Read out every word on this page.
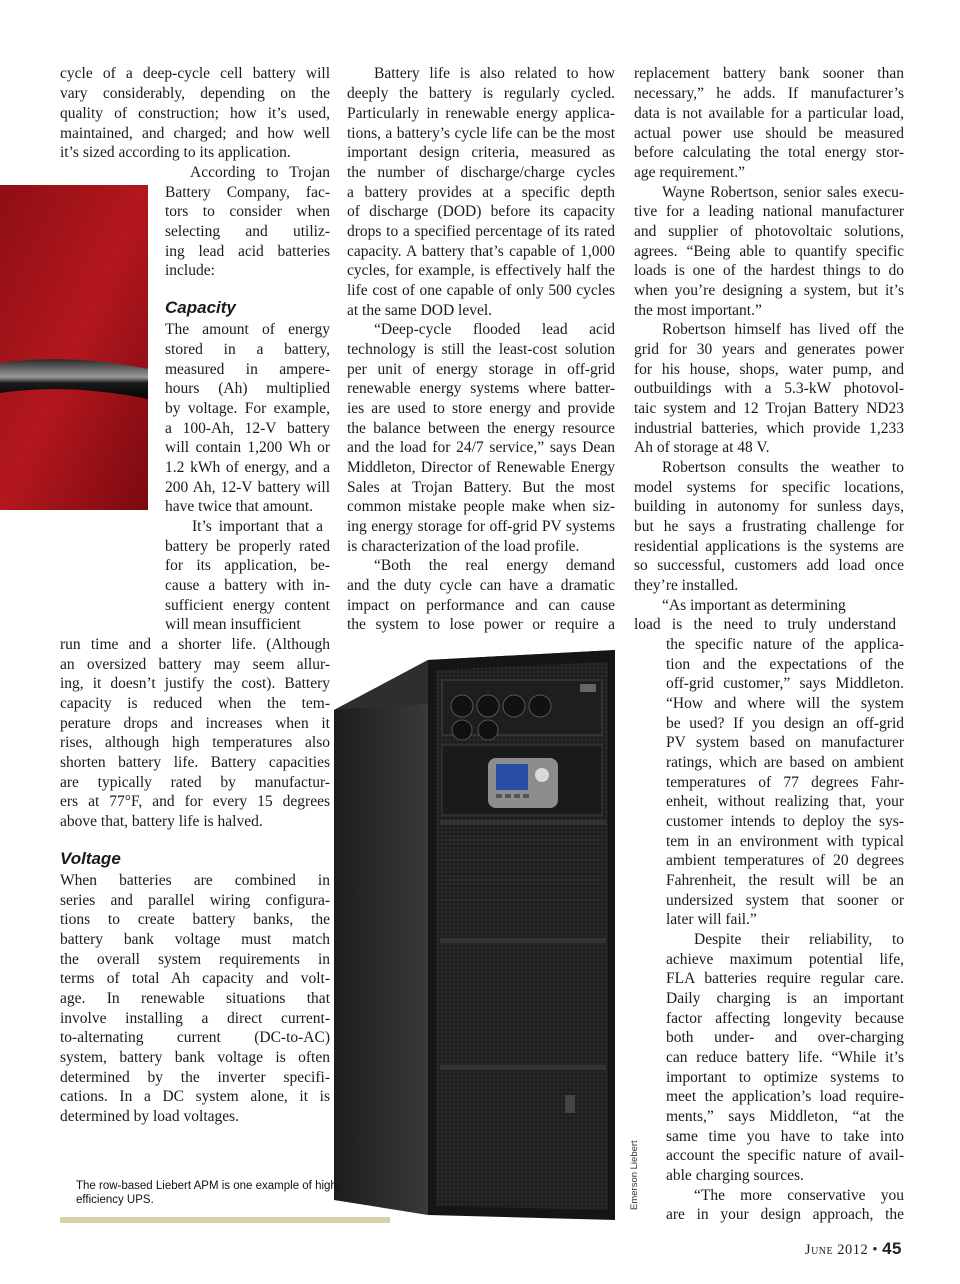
cycle of a deep-cycle cell battery will
vary considerably, depending on the
quality of construction; how it’s used,
maintained, and charged; and how well
it’s sized according to its application.
According to Trojan
Battery Company, fac-
tors to consider when
selecting and utiliz-
ing lead acid batteries
include:
Capacity
The amount of energy
stored in a battery,
measured in ampere-
hours (Ah) multiplied
by voltage. For example,
a 100-Ah, 12-V battery
will contain 1,200 Wh or
1.2 kWh of energy, and a
200 Ah, 12-V battery will
have twice that amount.
It’s important that a
battery be properly rated
for its application, be-
cause a battery with in-
sufficient energy content
will mean insufficient
run time and a shorter life. (Although
an oversized battery may seem allur-
ing, it doesn’t justify the cost). Battery
capacity is reduced when the tem-
perature drops and increases when it
rises, although high temperatures also
shorten battery life. Battery capacities
are typically rated by manufactur-
ers at 77°F, and for every 15 degrees
above that, battery life is halved.
Voltage
When batteries are combined in
series and parallel wiring configura-
tions to create battery banks, the
battery bank voltage must match
the overall system requirements in
terms of total Ah capacity and volt-
age. In renewable situations that
involve installing a direct current-
to-alternating current (DC-to-AC)
system, battery bank voltage is often
determined by the inverter specifi-
cations. In a DC system alone, it is
determined by load voltages.
Battery life is also related to how
deeply the battery is regularly cycled.
Particularly in renewable energy applica-
tions, a battery’s cycle life can be the most
important design criteria, measured as
the number of discharge/charge cycles
a battery provides at a specific depth
of discharge (DOD) before its capacity
drops to a specified percentage of its rated
capacity. A battery that’s capable of 1,000
cycles, for example, is effectively half the
life cost of one capable of only 500 cycles
at the same DOD level.
“Deep-cycle flooded lead acid
technology is still the least-cost solution
per unit of energy storage in off-grid
renewable energy systems where batter-
ies are used to store energy and provide
the balance between the energy resource
and the load for 24/7 service,” says Dean
Middleton, Director of Renewable Energy
Sales at Trojan Battery. But the most
common mistake people make when siz-
ing energy storage for off-grid PV systems
is characterization of the load profile.
“Both the real energy demand
and the duty cycle can have a dramatic
impact on performance and can cause
the system to lose power or require a
replacement battery bank sooner than
necessary,” he adds. If manufacturer’s
data is not available for a particular load,
actual power use should be measured
before calculating the total energy stor-
age requirement.”
Wayne Robertson, senior sales execu-
tive for a leading national manufacturer
and supplier of photovoltaic solutions,
agrees. “Being able to quantify specific
loads is one of the hardest things to do
when you’re designing a system, but it’s
the most important.”
Robertson himself has lived off the
grid for 30 years and generates power
for his house, shops, water pump, and
outbuildings with a 5.3-kW photovol-
taic system and 12 Trojan Battery ND23
industrial batteries, which provide 1,233
Ah of storage at 48 V.
Robertson consults the weather to
model systems for specific locations,
building in autonomy for sunless days,
but he says a frustrating challenge for
residential applications is the systems are
so successful, customers add load once
they’re installed.
“As important as determining
load is the need to truly understand
the specific nature of the applica-
tion and the expectations of the
off-grid customer,” says Middleton.
“How and where will the system
be used? If you design an off-grid
PV system based on manufacturer
ratings, which are based on ambient
temperatures of 77 degrees Fahr-
enheit, without realizing that, your
customer intends to deploy the sys-
tem in an environment with typical
ambient temperatures of 20 degrees
Fahrenheit, the result will be an
undersized system that sooner or
later will fail.”
Despite their reliability, to
achieve maximum potential life,
FLA batteries require regular care.
Daily charging is an important
factor affecting longevity because
both under- and over-charging
can reduce battery life. “While it’s
important to optimize systems to
meet the application’s load require-
ments,” says Middleton, “at the
same time you have to take into
account the specific nature of avail-
able charging sources.
“The more conservative you
are in your design approach, the
The row-based Liebert APM is one example of high-efficiency UPS.	Emerson Liebert
June 2012 • 45
